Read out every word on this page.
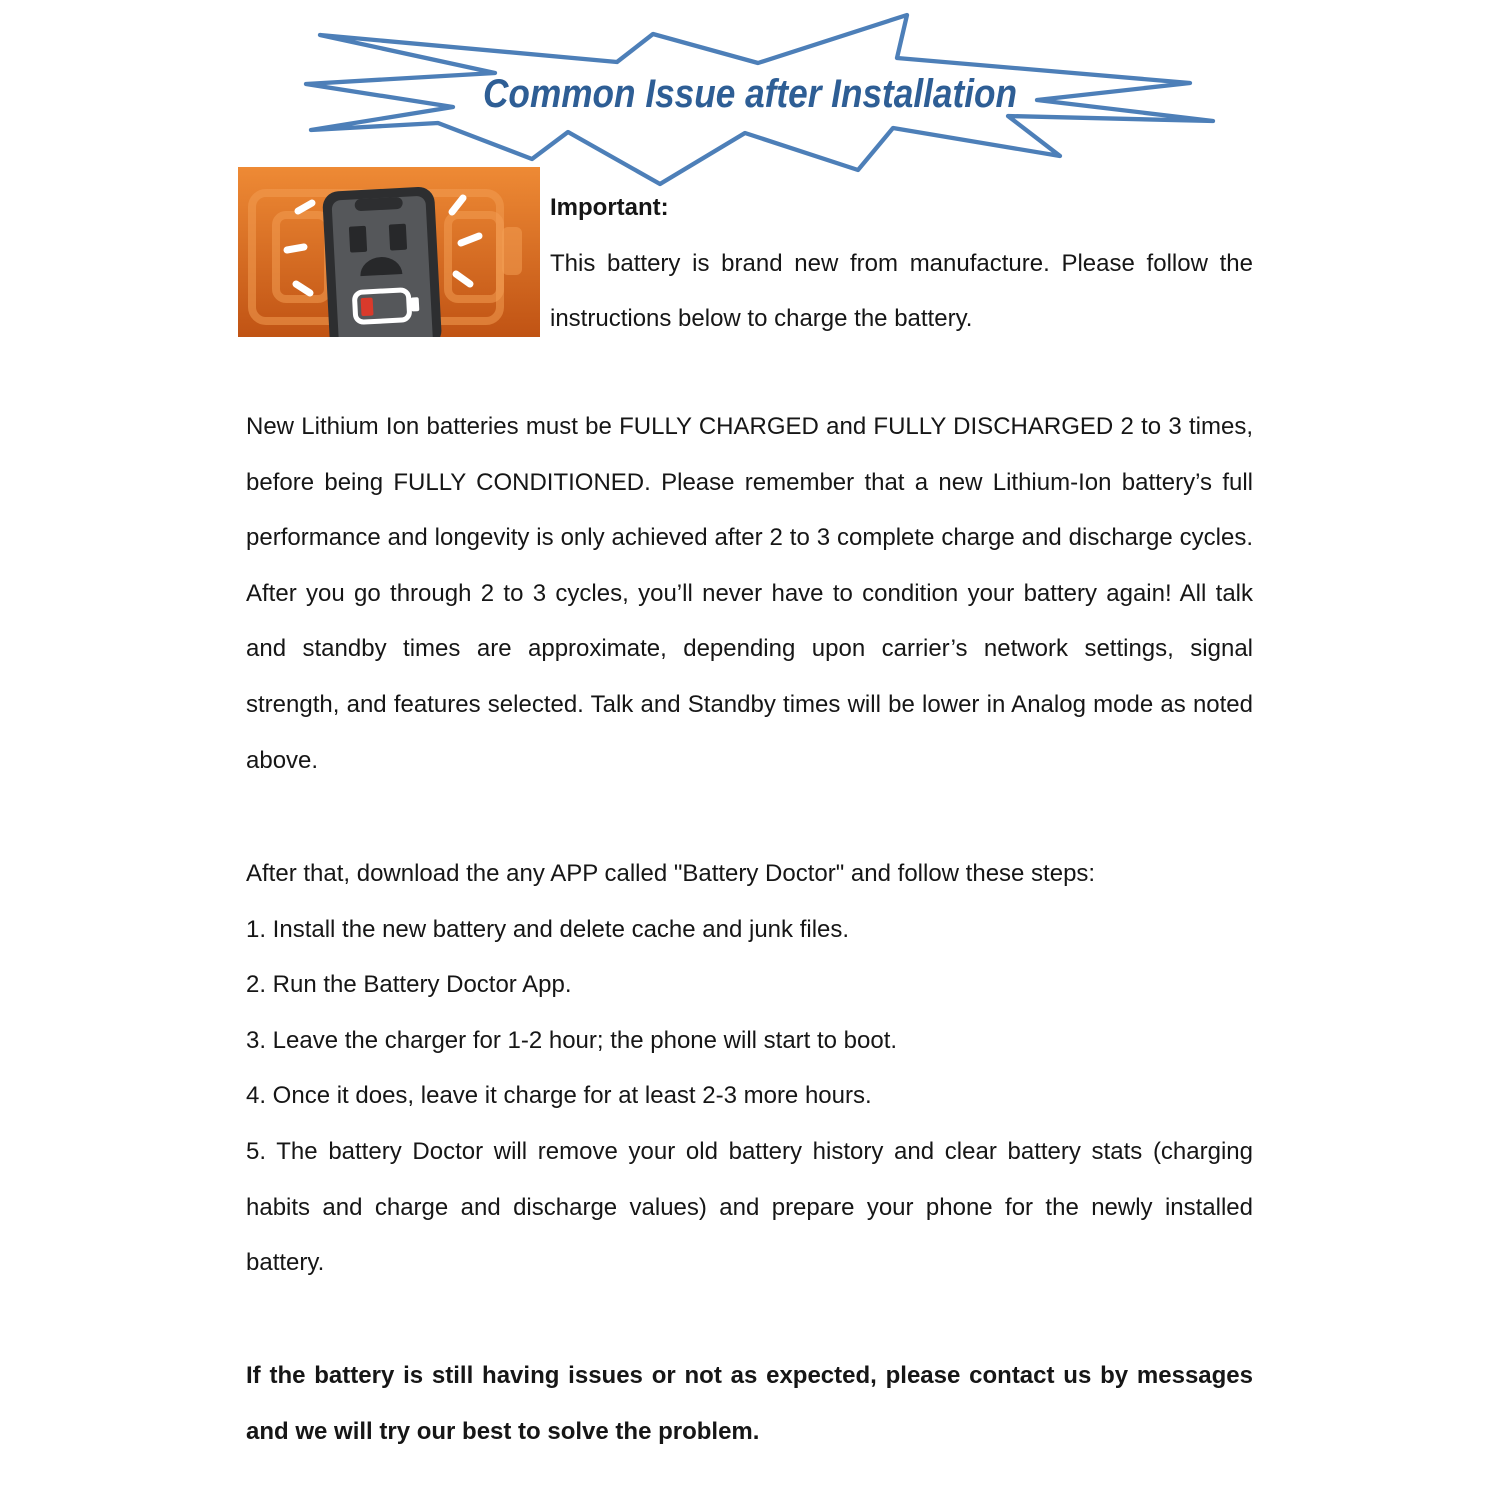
Common Issue after Installation

Important:

This battery is brand new from manufacture. Please follow the instructions below to charge the battery.

New Lithium Ion batteries must be FULLY CHARGED and FULLY DISCHARGED 2 to 3 times, before being FULLY CONDITIONED. Please remember that a new Lithium-Ion battery’s full performance and longevity is only achieved after 2 to 3 complete charge and discharge cycles. After you go through 2 to 3 cycles, you’ll never have to condition your battery again! All talk and standby times are approximate, depending upon carrier’s network settings, signal strength, and features selected. Talk and Standby times will be lower in Analog mode as noted above.

After that, download the any APP called "Battery Doctor" and follow these steps:

1. Install the new battery and delete cache and junk files.

2. Run the Battery Doctor App.

3. Leave the charger for 1-2 hour; the phone will start to boot.

4. Once it does, leave it charge for at least 2-3 more hours.

5. The battery Doctor will remove your old battery history and clear battery stats (charging habits and charge and discharge values) and prepare your phone for the newly installed battery.

If the battery is still having issues or not as expected, please contact us by messages and we will try our best to solve the problem.
